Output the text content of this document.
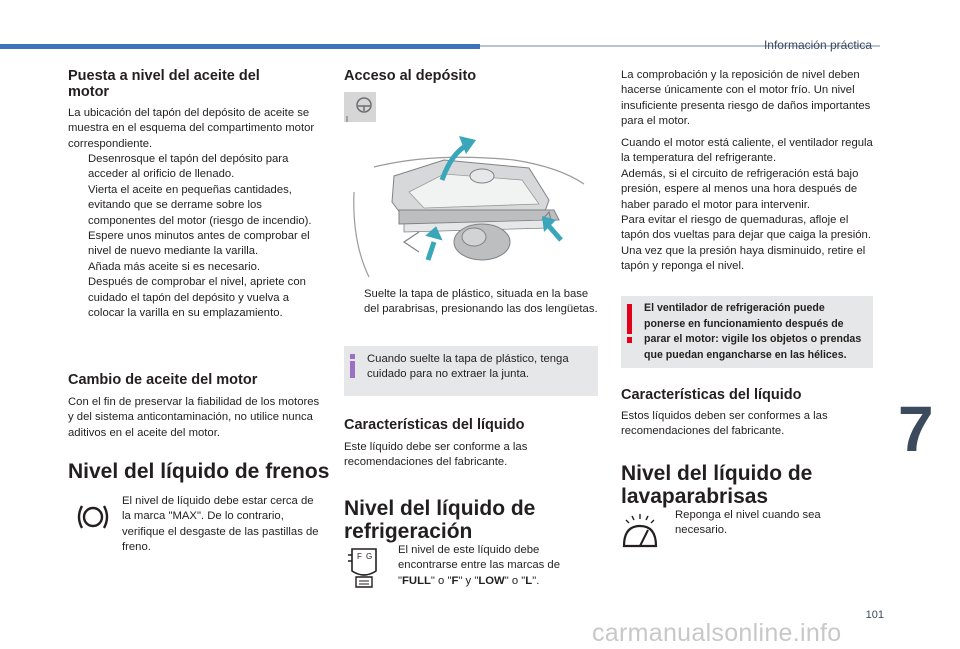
Información práctica
Puesta a nivel del aceite del motor

La ubicación del tapón del depósito de aceite se muestra en el esquema del compartimento motor correspondiente.

Desenrosque el tapón del depósito para acceder al orificio de llenado.
Vierta el aceite en pequeñas cantidades, evitando que se derrame sobre los componentes del motor (riesgo de incendio).
Espere unos minutos antes de comprobar el nivel de nuevo mediante la varilla.
Añada más aceite si es necesario.
Después de comprobar el nivel, apriete con cuidado el tapón del depósito y vuelva a colocar la varilla en su emplazamiento.
Cambio de aceite del motor

Con el fin de preservar la fiabilidad de los motores y del sistema anticontaminación, no utilice nunca aditivos en el aceite del motor.

Nivel del líquido de frenos

El nivel de líquido debe estar cerca de la marca "MAX". De lo contrario, verifique el desgaste de las pastillas de freno.

Acceso al depósito
Suelte la tapa de plástico, situada en la base del parabrisas, presionando las dos lengüetas.

Cuando suelte la tapa de plástico, tenga cuidado para no extraer la junta.

Características del líquido

Este líquido debe ser conforme a las recomendaciones del fabricante.

Nivel del líquido de refrigeración
F G

El nivel de este líquido debe encontrarse entre las marcas de "FULL" o "F" y "LOW" o "L".

La comprobación y la reposición de nivel deben hacerse únicamente con el motor frío. Un nivel insuficiente presenta riesgo de daños importantes para el motor.

Cuando el motor está caliente, el ventilador regula la temperatura del refrigerante.
Además, si el circuito de refrigeración está bajo presión, espere al menos una hora después de haber parado el motor para intervenir.
Para evitar el riesgo de quemaduras, afloje el tapón dos vueltas para dejar que caiga la presión. Una vez que la presión haya disminuido, retire el tapón y reponga el nivel.

El ventilador de refrigeración puede ponerse en funcionamiento después de parar el motor: vigile los objetos o prendas que puedan engancharse en las hélices.

Características del líquido

Estos líquidos deben ser conformes a las recomendaciones del fabricante.

Nivel del líquido de lavaparabrisas

Reponga el nivel cuando sea necesario.

7
101
carmanualsonline.info
